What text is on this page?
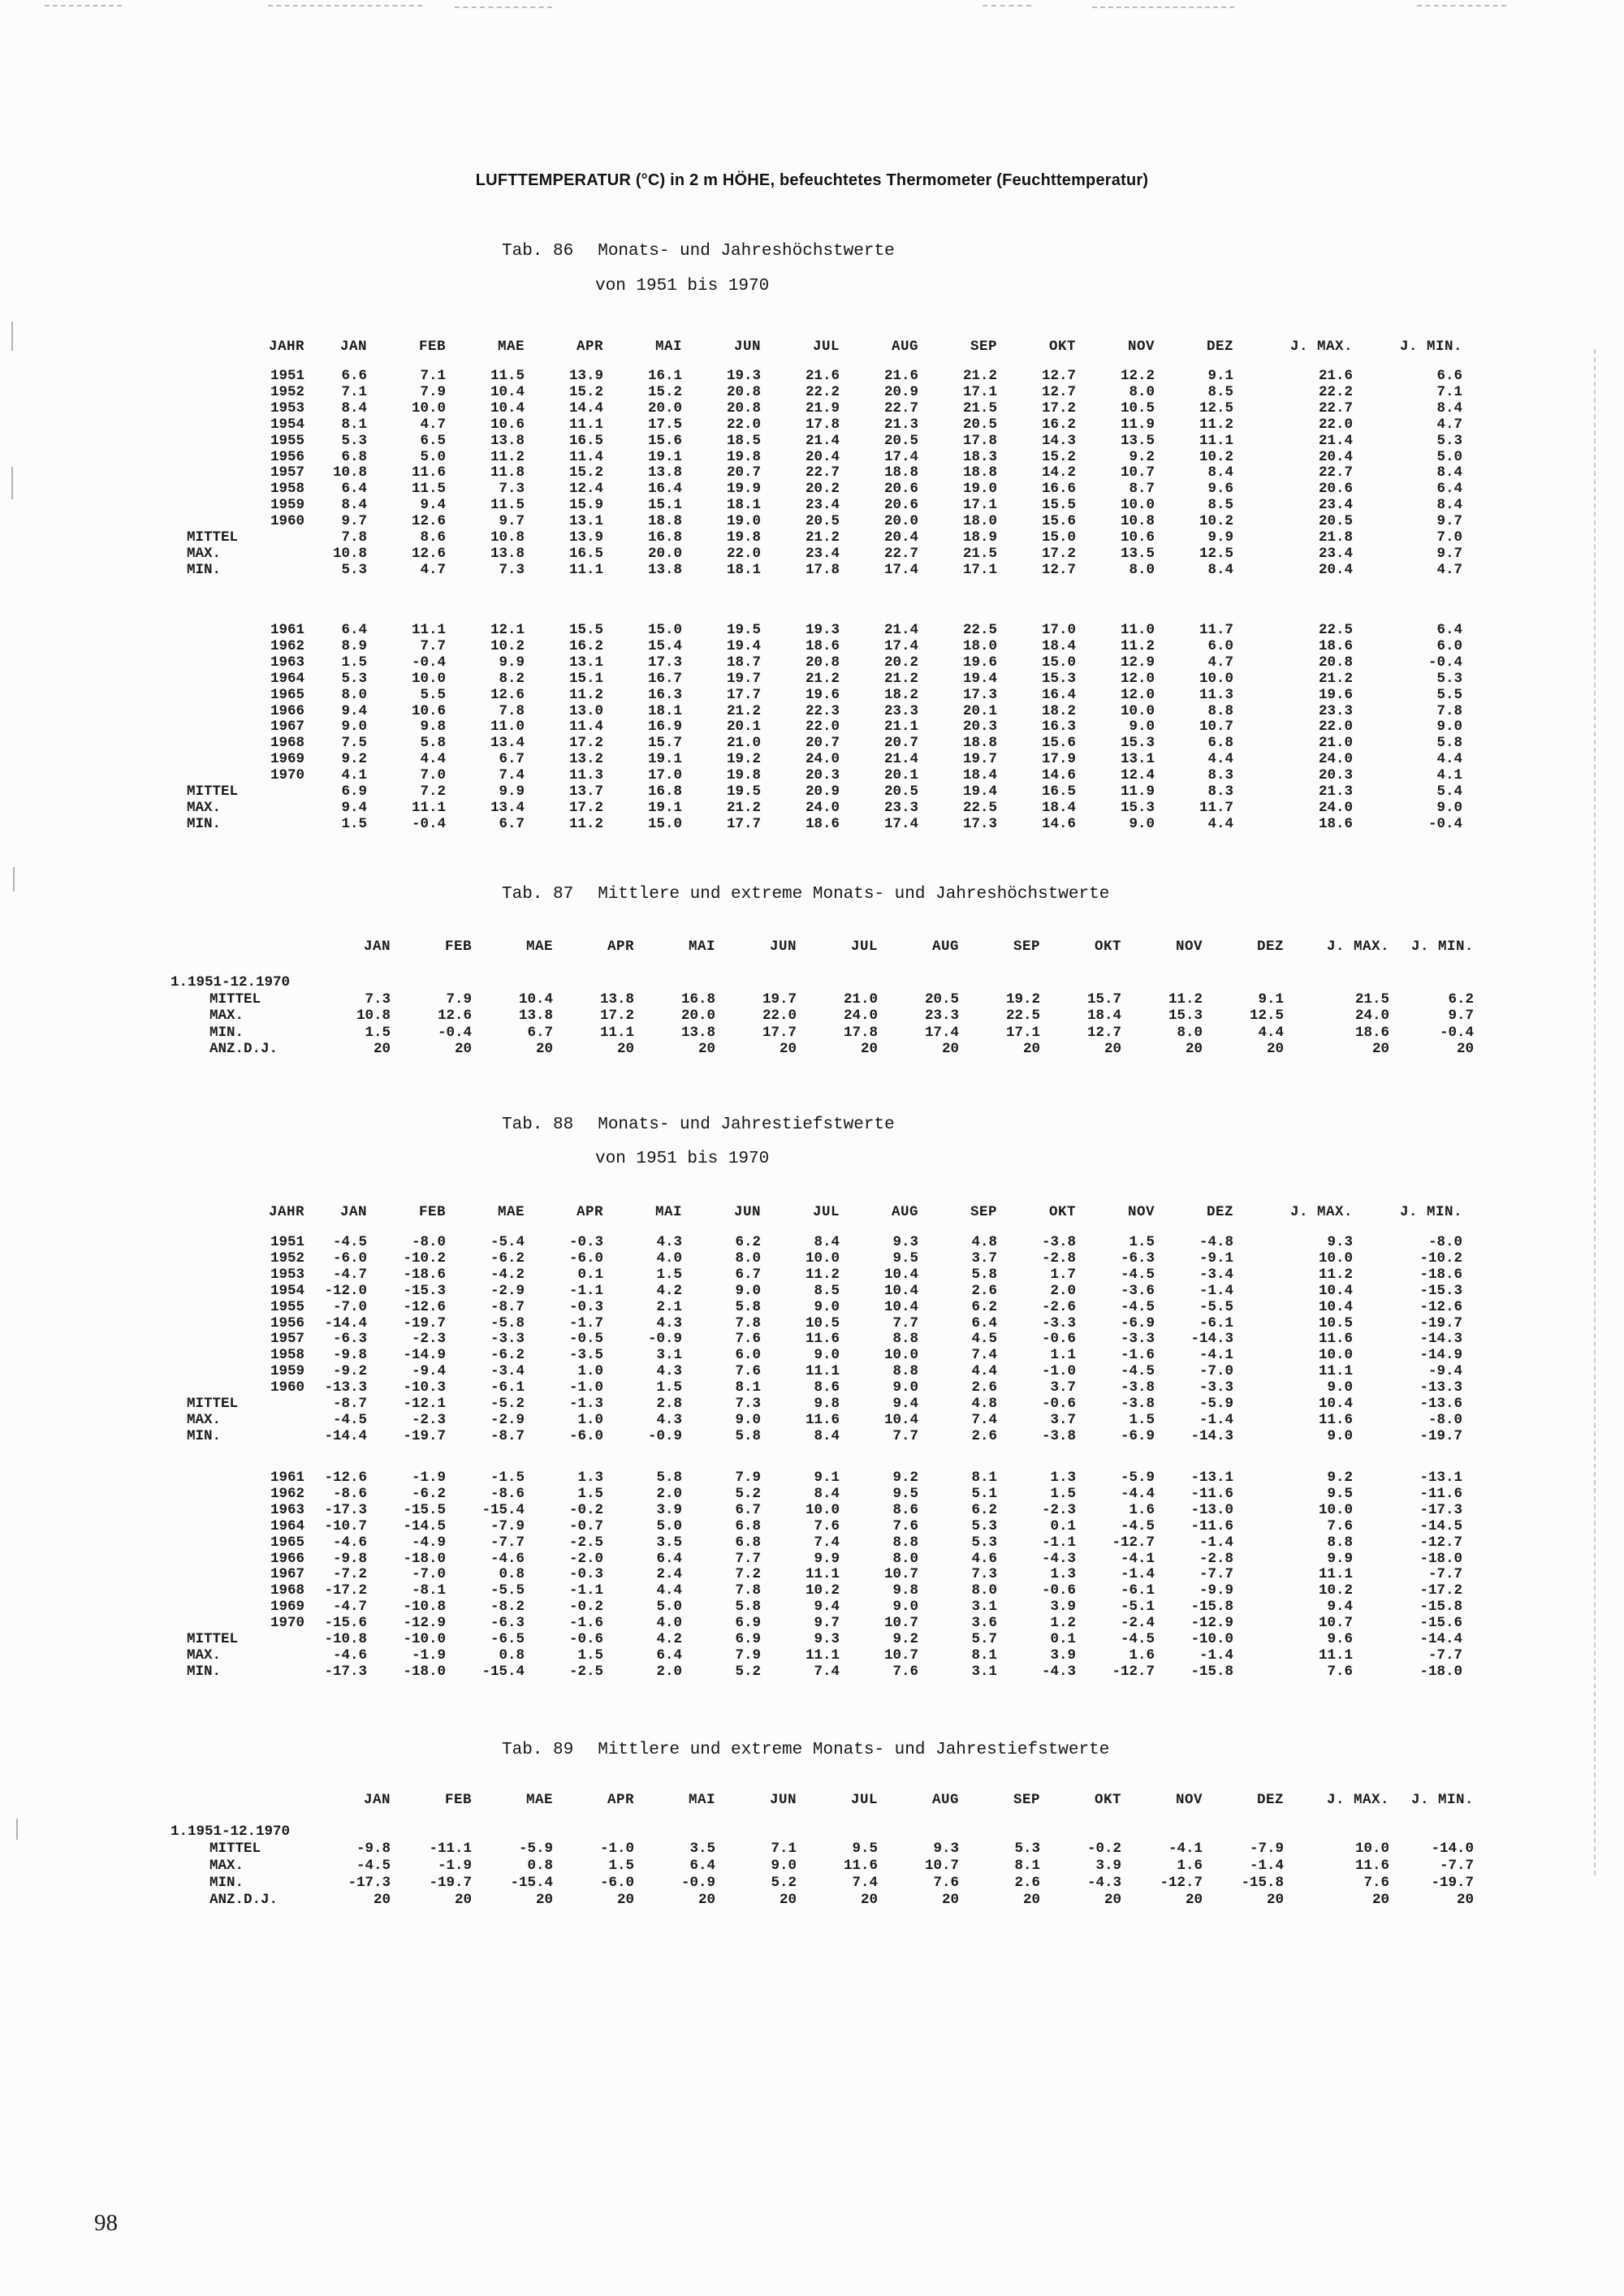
LUFTTEMPERATUR (°C) in 2 m HÖHE, befeuchtetes Thermometer (Feuchttemperatur)
Tab. 86 Monats- und Jahreshöchstwerte
von 1951 bis 1970
JAHR	JAN	FEB	MAE	APR	MAI	JUN	JUL	AUG	SEP	OKT	NOV	DEZ	J. MAX.	J. MIN.
1951	6.6	7.1	11.5	13.9	16.1	19.3	21.6	21.6	21.2	12.7	12.2	9.1	21.6	6.6
1952	7.1	7.9	10.4	15.2	15.2	20.8	22.2	20.9	17.1	12.7	8.0	8.5	22.2	7.1
1953	8.4	10.0	10.4	14.4	20.0	20.8	21.9	22.7	21.5	17.2	10.5	12.5	22.7	8.4
1954	8.1	4.7	10.6	11.1	17.5	22.0	17.8	21.3	20.5	16.2	11.9	11.2	22.0	4.7
1955	5.3	6.5	13.8	16.5	15.6	18.5	21.4	20.5	17.8	14.3	13.5	11.1	21.4	5.3
1956	6.8	5.0	11.2	11.4	19.1	19.8	20.4	17.4	18.3	15.2	9.2	10.2	20.4	5.0
1957	10.8	11.6	11.8	15.2	13.8	20.7	22.7	18.8	18.8	14.2	10.7	8.4	22.7	8.4
1958	6.4	11.5	7.3	12.4	16.4	19.9	20.2	20.6	19.0	16.6	8.7	9.6	20.6	6.4
1959	8.4	9.4	11.5	15.9	15.1	18.1	23.4	20.6	17.1	15.5	10.0	8.5	23.4	8.4
1960	9.7	12.6	9.7	13.1	18.8	19.0	20.5	20.0	18.0	15.6	10.8	10.2	20.5	9.7
MITTEL	7.8	8.6	10.8	13.9	16.8	19.8	21.2	20.4	18.9	15.0	10.6	9.9	21.8	7.0
MAX.	10.8	12.6	13.8	16.5	20.0	22.0	23.4	22.7	21.5	17.2	13.5	12.5	23.4	9.7
MIN.	5.3	4.7	7.3	11.1	13.8	18.1	17.8	17.4	17.1	12.7	8.0	8.4	20.4	4.7
1961	6.4	11.1	12.1	15.5	15.0	19.5	19.3	21.4	22.5	17.0	11.0	11.7	22.5	6.4
1962	8.9	7.7	10.2	16.2	15.4	19.4	18.6	17.4	18.0	18.4	11.2	6.0	18.6	6.0
1963	1.5	-0.4	9.9	13.1	17.3	18.7	20.8	20.2	19.6	15.0	12.9	4.7	20.8	-0.4
1964	5.3	10.0	8.2	15.1	16.7	19.7	21.2	21.2	19.4	15.3	12.0	10.0	21.2	5.3
1965	8.0	5.5	12.6	11.2	16.3	17.7	19.6	18.2	17.3	16.4	12.0	11.3	19.6	5.5
1966	9.4	10.6	7.8	13.0	18.1	21.2	22.3	23.3	20.1	18.2	10.0	8.8	23.3	7.8
1967	9.0	9.8	11.0	11.4	16.9	20.1	22.0	21.1	20.3	16.3	9.0	10.7	22.0	9.0
1968	7.5	5.8	13.4	17.2	15.7	21.0	20.7	20.7	18.8	15.6	15.3	6.8	21.0	5.8
1969	9.2	4.4	6.7	13.2	19.1	19.2	24.0	21.4	19.7	17.9	13.1	4.4	24.0	4.4
1970	4.1	7.0	7.4	11.3	17.0	19.8	20.3	20.1	18.4	14.6	12.4	8.3	20.3	4.1
MITTEL	6.9	7.2	9.9	13.7	16.8	19.5	20.9	20.5	19.4	16.5	11.9	8.3	21.3	5.4
MAX.	9.4	11.1	13.4	17.2	19.1	21.2	24.0	23.3	22.5	18.4	15.3	11.7	24.0	9.0
MIN.	1.5	-0.4	6.7	11.2	15.0	17.7	18.6	17.4	17.3	14.6	9.0	4.4	18.6	-0.4
Tab. 87 Mittlere und extreme Monats- und Jahreshöchstwerte
	JAN	FEB	MAE	APR	MAI	JUN	JUL	AUG	SEP	OKT	NOV	DEZ	J. MAX.	J. MIN.
1.1951-12.1970														
MITTEL	7.3	7.9	10.4	13.8	16.8	19.7	21.0	20.5	19.2	15.7	11.2	9.1	21.5	6.2
MAX.	10.8	12.6	13.8	17.2	20.0	22.0	24.0	23.3	22.5	18.4	15.3	12.5	24.0	9.7
MIN.	1.5	-0.4	6.7	11.1	13.8	17.7	17.8	17.4	17.1	12.7	8.0	4.4	18.6	-0.4
ANZ.D.J.	20	20	20	20	20	20	20	20	20	20	20	20	20	20
Tab. 88 Monats- und Jahrestiefstwerte
von 1951 bis 1970
JAHR	JAN	FEB	MAE	APR	MAI	JUN	JUL	AUG	SEP	OKT	NOV	DEZ	J. MAX.	J. MIN.
1951	-4.5	-8.0	-5.4	-0.3	4.3	6.2	8.4	9.3	4.8	-3.8	1.5	-4.8	9.3	-8.0
1952	-6.0	-10.2	-6.2	-6.0	4.0	8.0	10.0	9.5	3.7	-2.8	-6.3	-9.1	10.0	-10.2
1953	-4.7	-18.6	-4.2	0.1	1.5	6.7	11.2	10.4	5.8	1.7	-4.5	-3.4	11.2	-18.6
1954	-12.0	-15.3	-2.9	-1.1	4.2	9.0	8.5	10.4	2.6	2.0	-3.6	-1.4	10.4	-15.3
1955	-7.0	-12.6	-8.7	-0.3	2.1	5.8	9.0	10.4	6.2	-2.6	-4.5	-5.5	10.4	-12.6
1956	-14.4	-19.7	-5.8	-1.7	4.3	7.8	10.5	7.7	6.4	-3.3	-6.9	-6.1	10.5	-19.7
1957	-6.3	-2.3	-3.3	-0.5	-0.9	7.6	11.6	8.8	4.5	-0.6	-3.3	-14.3	11.6	-14.3
1958	-9.8	-14.9	-6.2	-3.5	3.1	6.0	9.0	10.0	7.4	1.1	-1.6	-4.1	10.0	-14.9
1959	-9.2	-9.4	-3.4	1.0	4.3	7.6	11.1	8.8	4.4	-1.0	-4.5	-7.0	11.1	-9.4
1960	-13.3	-10.3	-6.1	-1.0	1.5	8.1	8.6	9.0	2.6	3.7	-3.8	-3.3	9.0	-13.3
MITTEL	-8.7	-12.1	-5.2	-1.3	2.8	7.3	9.8	9.4	4.8	-0.6	-3.8	-5.9	10.4	-13.6
MAX.	-4.5	-2.3	-2.9	1.0	4.3	9.0	11.6	10.4	7.4	3.7	1.5	-1.4	11.6	-8.0
MIN.	-14.4	-19.7	-8.7	-6.0	-0.9	5.8	8.4	7.7	2.6	-3.8	-6.9	-14.3	9.0	-19.7
1961	-12.6	-1.9	-1.5	1.3	5.8	7.9	9.1	9.2	8.1	1.3	-5.9	-13.1	9.2	-13.1
1962	-8.6	-6.2	-8.6	1.5	2.0	5.2	8.4	9.5	5.1	1.5	-4.4	-11.6	9.5	-11.6
1963	-17.3	-15.5	-15.4	-0.2	3.9	6.7	10.0	8.6	6.2	-2.3	1.6	-13.0	10.0	-17.3
1964	-10.7	-14.5	-7.9	-0.7	5.0	6.8	7.6	7.6	5.3	0.1	-4.5	-11.6	7.6	-14.5
1965	-4.6	-4.9	-7.7	-2.5	3.5	6.8	7.4	8.8	5.3	-1.1	-12.7	-1.4	8.8	-12.7
1966	-9.8	-18.0	-4.6	-2.0	6.4	7.7	9.9	8.0	4.6	-4.3	-4.1	-2.8	9.9	-18.0
1967	-7.2	-7.0	0.8	-0.3	2.4	7.2	11.1	10.7	7.3	1.3	-1.4	-7.7	11.1	-7.7
1968	-17.2	-8.1	-5.5	-1.1	4.4	7.8	10.2	9.8	8.0	-0.6	-6.1	-9.9	10.2	-17.2
1969	-4.7	-10.8	-8.2	-0.2	5.0	5.8	9.4	9.0	3.1	3.9	-5.1	-15.8	9.4	-15.8
1970	-15.6	-12.9	-6.3	-1.6	4.0	6.9	9.7	10.7	3.6	1.2	-2.4	-12.9	10.7	-15.6
MITTEL	-10.8	-10.0	-6.5	-0.6	4.2	6.9	9.3	9.2	5.7	0.1	-4.5	-10.0	9.6	-14.4
MAX.	-4.6	-1.9	0.8	1.5	6.4	7.9	11.1	10.7	8.1	3.9	1.6	-1.4	11.1	-7.7
MIN.	-17.3	-18.0	-15.4	-2.5	2.0	5.2	7.4	7.6	3.1	-4.3	-12.7	-15.8	7.6	-18.0
Tab. 89 Mittlere und extreme Monats- und Jahrestiefstwerte
	JAN	FEB	MAE	APR	MAI	JUN	JUL	AUG	SEP	OKT	NOV	DEZ	J. MAX.	J. MIN.
1.1951-12.1970														
MITTEL	-9.8	-11.1	-5.9	-1.0	3.5	7.1	9.5	9.3	5.3	-0.2	-4.1	-7.9	10.0	-14.0
MAX.	-4.5	-1.9	0.8	1.5	6.4	9.0	11.6	10.7	8.1	3.9	1.6	-1.4	11.6	-7.7
MIN.	-17.3	-19.7	-15.4	-6.0	-0.9	5.2	7.4	7.6	2.6	-4.3	-12.7	-15.8	7.6	-19.7
ANZ.D.J.	20	20	20	20	20	20	20	20	20	20	20	20	20	20
98
